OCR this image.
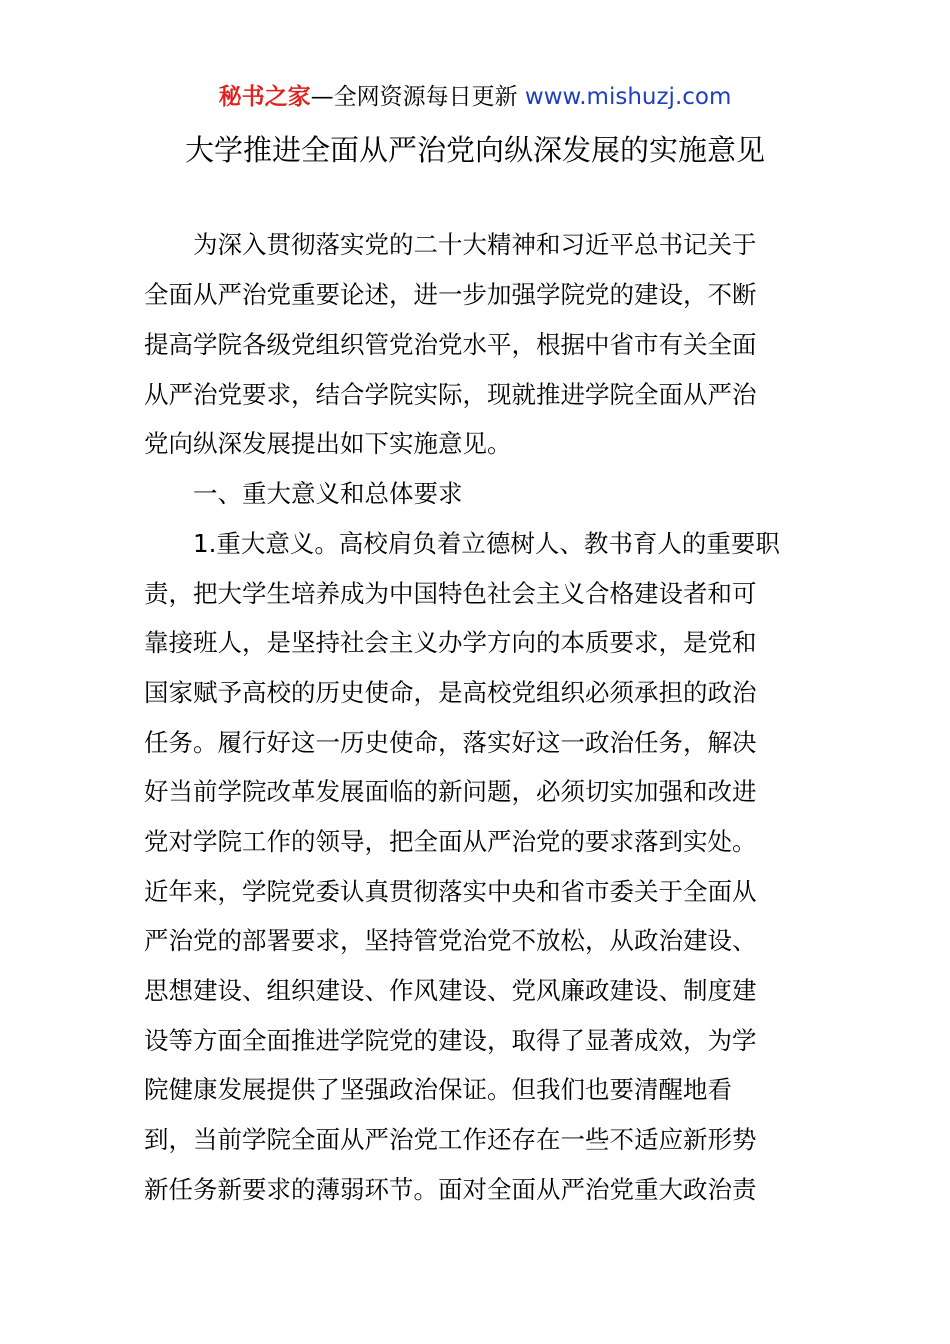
秘书之家—全网资源每日更新 www.mishuzj.com
大学推进全面从严治党向纵深发展的实施意见
　　为深入贯彻落实党的二十大精神和习近平总书记关于
全面从严治党重要论述，进一步加强学院党的建设，不断
提高学院各级党组织管党治党水平，根据中省市有关全面
从严治党要求，结合学院实际，现就推进学院全面从严治
党向纵深发展提出如下实施意见。
　　一、重大意义和总体要求
　　1.重大意义。高校肩负着立德树人、教书育人的重要职
责，把大学生培养成为中国特色社会主义合格建设者和可
靠接班人，是坚持社会主义办学方向的本质要求，是党和
国家赋予高校的历史使命，是高校党组织必须承担的政治
任务。履行好这一历史使命，落实好这一政治任务，解决
好当前学院改革发展面临的新问题，必须切实加强和改进
党对学院工作的领导，把全面从严治党的要求落到实处。
近年来，学院党委认真贯彻落实中央和省市委关于全面从
严治党的部署要求，坚持管党治党不放松，从政治建设、
思想建设、组织建设、作风建设、党风廉政建设、制度建
设等方面全面推进学院党的建设，取得了显著成效，为学
院健康发展提供了坚强政治保证。但我们也要清醒地看
到，当前学院全面从严治党工作还存在一些不适应新形势
新任务新要求的薄弱环节。面对全面从严治党重大政治责
